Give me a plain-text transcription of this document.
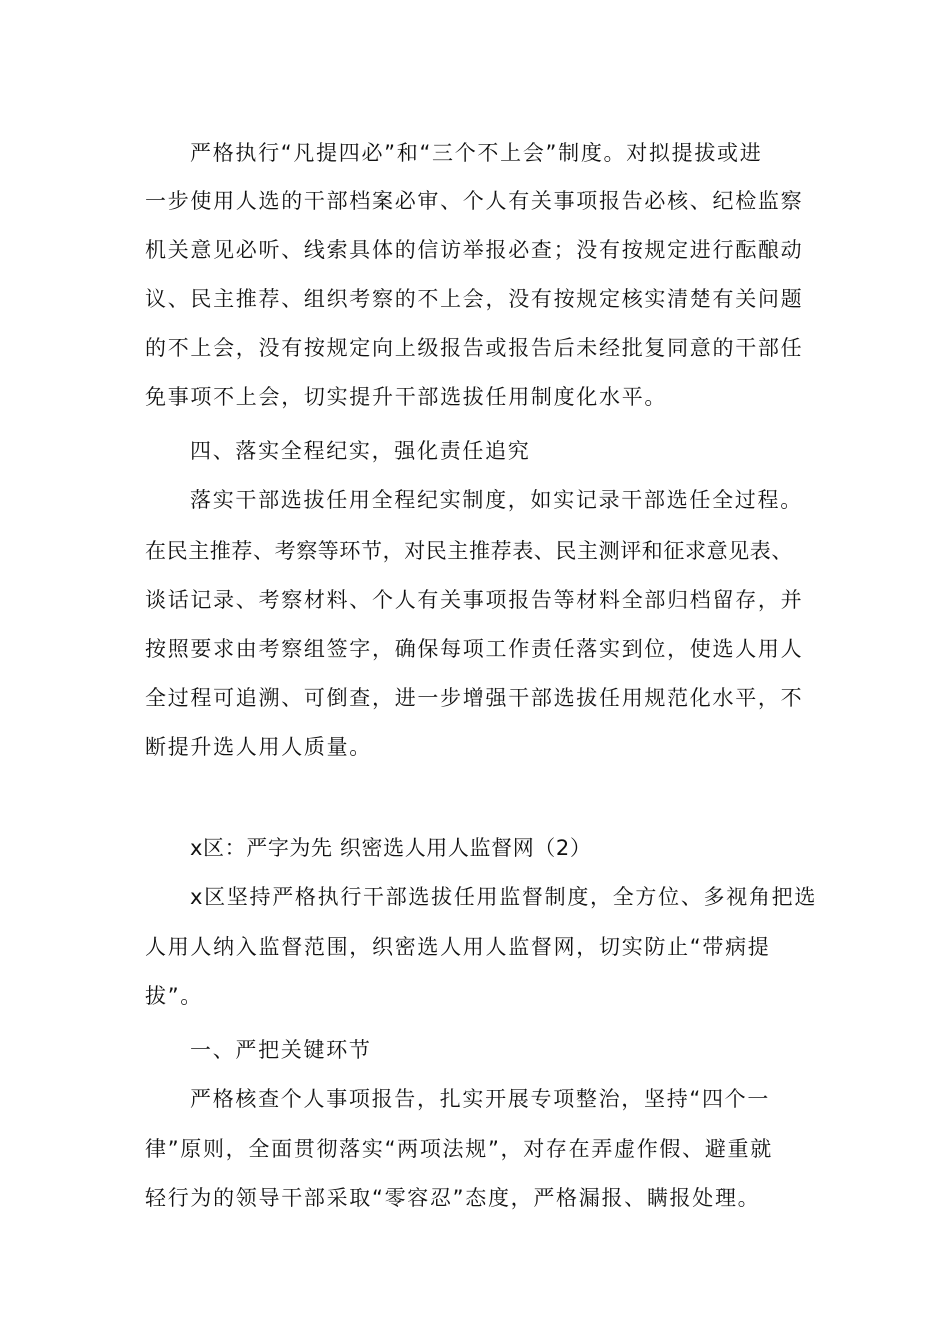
严格执行“凡提四必”和“三个不上会”制度。对拟提拔或进

一步使用人选的干部档案必审、个人有关事项报告必核、纪检监察

机关意见必听、线索具体的信访举报必查；没有按规定进行酝酿动

议、民主推荐、组织考察的不上会，没有按规定核实清楚有关问题

的不上会，没有按规定向上级报告或报告后未经批复同意的干部任

免事项不上会，切实提升干部选拔任用制度化水平。

四、落实全程纪实，强化责任追究

落实干部选拔任用全程纪实制度，如实记录干部选任全过程。

在民主推荐、考察等环节，对民主推荐表、民主测评和征求意见表、

谈话记录、考察材料、个人有关事项报告等材料全部归档留存，并

按照要求由考察组签字，确保每项工作责任落实到位，使选人用人

全过程可追溯、可倒查，进一步增强干部选拔任用规范化水平，不

断提升选人用人质量。

x区：严字为先 织密选人用人监督网（2）

x区坚持严格执行干部选拔任用监督制度，全方位、多视角把选

人用人纳入监督范围，织密选人用人监督网，切实防止“带病提

拔”。

一、严把关键环节

严格核查个人事项报告，扎实开展专项整治，坚持“四个一

律”原则，全面贯彻落实“两项法规”，对存在弄虚作假、避重就

轻行为的领导干部采取“零容忍”态度，严格漏报、瞒报处理。
